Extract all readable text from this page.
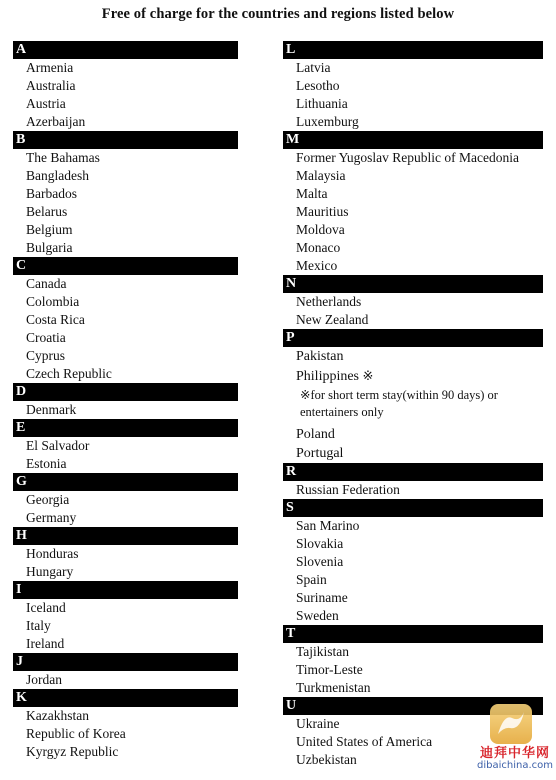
Free of charge for the countries and regions listed below
A
Armenia
Australia
Austria
Azerbaijan
B
The Bahamas
Bangladesh
Barbados
Belarus
Belgium
Bulgaria
C
Canada
Colombia
Costa Rica
Croatia
Cyprus
Czech Republic
D
Denmark
E
El Salvador
Estonia
G
Georgia
Germany
H
Honduras
Hungary
I
Iceland
Italy
Ireland
J
Jordan
K
Kazakhstan
Republic of Korea
Kyrgyz Republic
L
Latvia
Lesotho
Lithuania
Luxemburg
M
Former Yugoslav Republic of Macedonia
Malaysia
Malta
Mauritius
Moldova
Monaco
Mexico
N
Netherlands
New Zealand
P
Pakistan
Philippines ※
※for short term stay(within 90 days) or entertainers only
Poland
Portugal
R
Russian Federation
S
San Marino
Slovakia
Slovenia
Spain
Suriname
Sweden
T
Tajikistan
Timor-Leste
Turkmenistan
U
Ukraine
United States of America
Uzbekistan	迪拜中华网
dibaichina.com
